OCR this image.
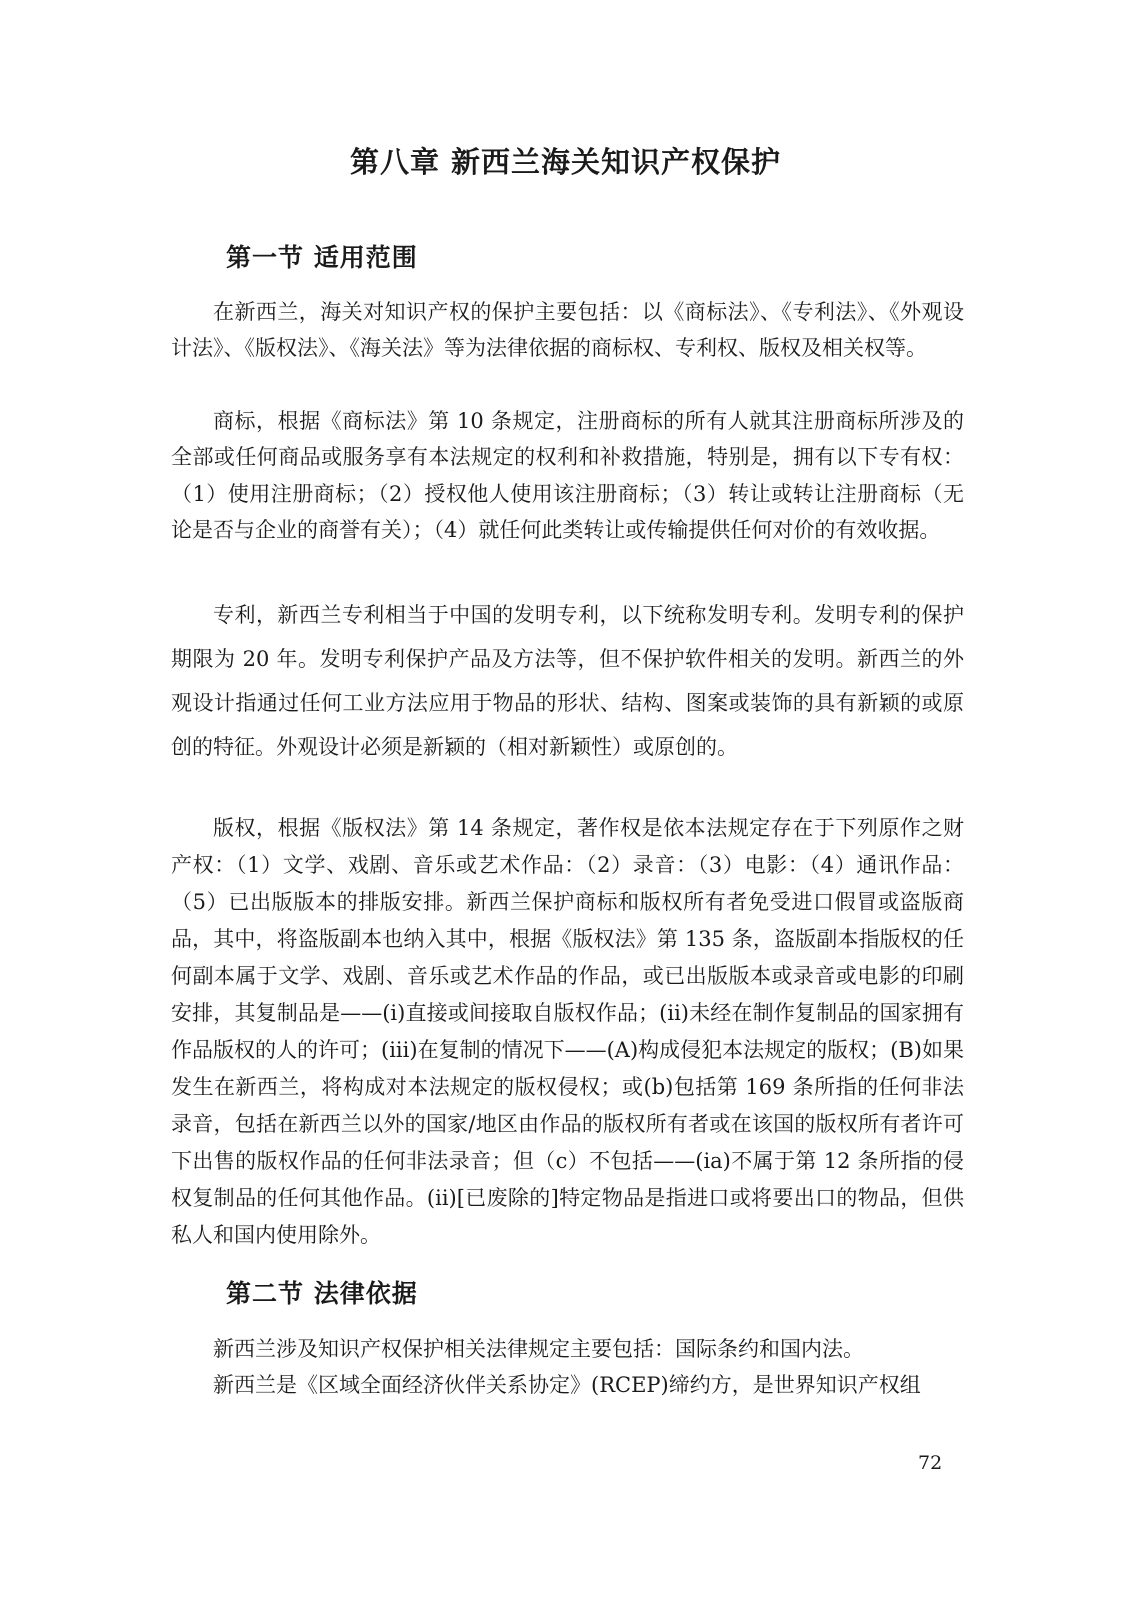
第八章 新西兰海关知识产权保护
第一节 适用范围

在新西兰，海关对知识产权的保护主要包括：以《商标法》、《专利法》、《外观设计法》、《版权法》、《海关法》等为法律依据的商标权、专利权、版权及相关权等。

商标，根据《商标法》第 10 条规定，注册商标的所有人就其注册商标所涉及的全部或任何商品或服务享有本法规定的权利和补救措施，特别是，拥有以下专有权：（1）使用注册商标；（2）授权他人使用该注册商标；（3）转让或转让注册商标（无论是否与企业的商誉有关）；（4）就任何此类转让或传输提供任何对价的有效收据。

专利，新西兰专利相当于中国的发明专利，以下统称发明专利。发明专利的保护期限为 20 年。发明专利保护产品及方法等，但不保护软件相关的发明。新西兰的外观设计指通过任何工业方法应用于物品的形状、结构、图案或装饰的具有新颖的或原创的特征。外观设计必须是新颖的（相对新颖性）或原创的。

版权，根据《版权法》第 14 条规定，著作权是依本法规定存在于下列原作之财产权：（1）文学、戏剧、音乐或艺术作品：（2）录音：（3）电影：（4）通讯作品：（5）已出版版本的排版安排。新西兰保护商标和版权所有者免受进口假冒或盗版商品，其中，将盗版副本也纳入其中，根据《版权法》第 135 条，盗版副本指版权的任何副本属于文学、戏剧、音乐或艺术作品的作品，或已出版版本或录音或电影的印刷安排，其复制品是——(i)直接或间接取自版权作品；(ii)未经在制作复制品的国家拥有作品版权的人的许可；(iii)在复制的情况下——(A)构成侵犯本法规定的版权；(B)如果发生在新西兰，将构成对本法规定的版权侵权；或(b)包括第 169 条所指的任何非法录音，包括在新西兰以外的国家/地区由作品的版权所有者或在该国的版权所有者许可下出售的版权作品的任何非法录音；但（c）不包括——(ia)不属于第 12 条所指的侵权复制品的任何其他作品。(ii)[已废除的]特定物品是指进口或将要出口的物品，但供私人和国内使用除外。

第二节 法律依据

新西兰涉及知识产权保护相关法律规定主要包括：国际条约和国内法。

新西兰是《区域全面经济伙伴关系协定》(RCEP)缔约方，是世界知识产权组

72
